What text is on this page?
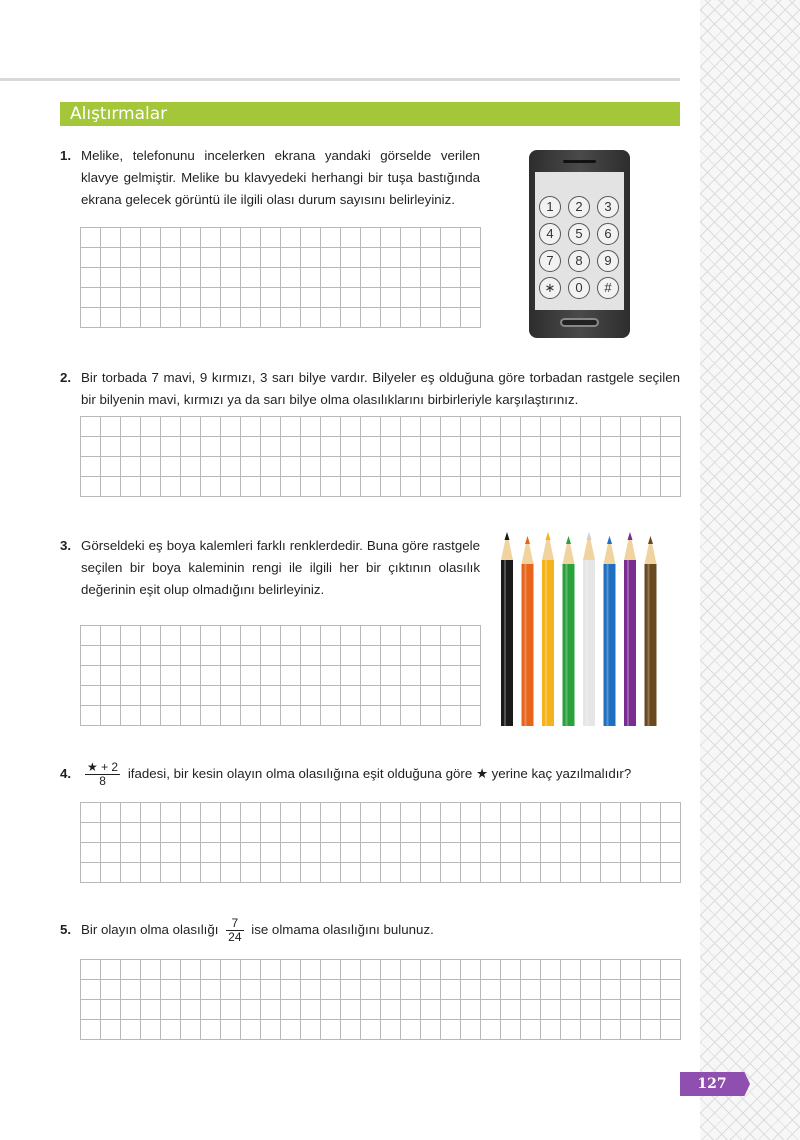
Alıştırmalar
1. Melike, telefonunu incelerken ekrana yandaki görselde verilen klavye gelmiştir. Melike bu klavyedeki herhangi bir tuşa bastığında ekrana gelecek görüntü ile ilgili olası durum sayısını belirleyiniz.	1	2	3
4	5	6
7	8	9
∗	0	#
2. Bir torbada 7 mavi, 9 kırmızı, 3 sarı bilye vardır. Bilyeler eş olduğuna göre torbadan rastgele seçilen bir bilyenin mavi, kırmızı ya da sarı bilye olma olasılıklarını birbirleriyle karşılaştırınız.
3. Görseldeki eş boya kalemleri farklı renklerdedir. Buna göre rastgele seçilen bir boya kaleminin rengi ile ilgili her bir çıktının olasılık değerinin eşit olup olmadığını belirleyiniz.
4. $\frac{★ + 2}{8}$ ifadesi, bir kesin olayın olma olasılığına eşit olduğuna göre ★ yerine kaç yazılmalıdır?
5. Bir olayın olma olasılığı $\frac{7}{24}$ ise olmama olasılığını bulunuz.
127
